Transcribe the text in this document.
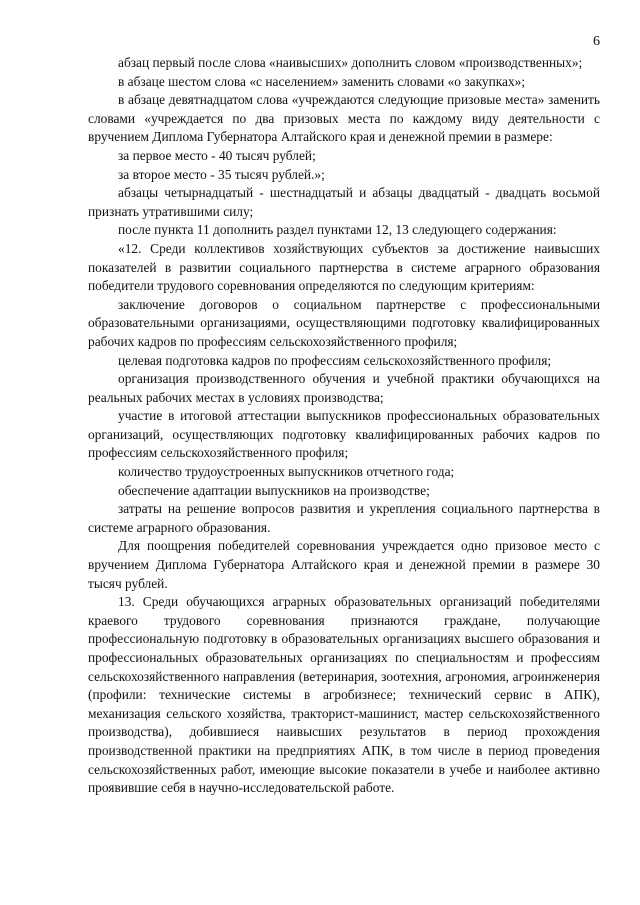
6

абзац первый после слова «наивысших» дополнить словом «производственных»;

в абзаце шестом слова «с населением» заменить словами «о закупках»;

в абзаце девятнадцатом слова «учреждаются следующие призовые места» заменить словами «учреждается по два призовых места по каждому виду деятельности с вручением Диплома Губернатора Алтайского края и денежной премии в размере:

за первое место - 40 тысяч рублей;

за второе место - 35 тысяч рублей.»;

абзацы четырнадцатый - шестнадцатый и абзацы двадцатый - двадцать восьмой признать утратившими силу;

после пункта 11 дополнить раздел пунктами 12, 13 следующего содержания:

«12. Среди коллективов хозяйствующих субъектов за достижение наивысших показателей в развитии социального партнерства в системе аграрного образования победители трудового соревнования определяются по следующим критериям:

заключение договоров о социальном партнерстве с профессиональными образовательными организациями, осуществляющими подготовку квалифицированных рабочих кадров по профессиям сельскохозяйственного профиля;

целевая подготовка кадров по профессиям сельскохозяйственного профиля;

организация производственного обучения и учебной практики обучающихся на реальных рабочих местах в условиях производства;

участие в итоговой аттестации выпускников профессиональных образовательных организаций, осуществляющих подготовку квалифицированных рабочих кадров по профессиям сельскохозяйственного профиля;

количество трудоустроенных выпускников отчетного года;

обеспечение адаптации выпускников на производстве;

затраты на решение вопросов развития и укрепления социального партнерства в системе аграрного образования.

Для поощрения победителей соревнования учреждается одно призовое место с вручением Диплома Губернатора Алтайского края и денежной премии в размере 30 тысяч рублей.

13. Среди обучающихся аграрных образовательных организаций победителями краевого трудового соревнования признаются граждане, получающие профессиональную подготовку в образовательных организациях высшего образования и профессиональных образовательных организациях по специальностям и профессиям сельскохозяйственного направления (ветеринария, зоотехния, агрономия, агроинженерия (профили: технические системы в агробизнесе; технический сервис в АПК), механизация сельского хозяйства, тракторист-машинист, мастер сельскохозяйственного производства), добившиеся наивысших результатов в период прохождения производственной практики на предприятиях АПК, в том числе в период проведения сельскохозяйственных работ, имеющие высокие показатели в учебе и наиболее активно проявившие себя в научно-исследовательской работе.
